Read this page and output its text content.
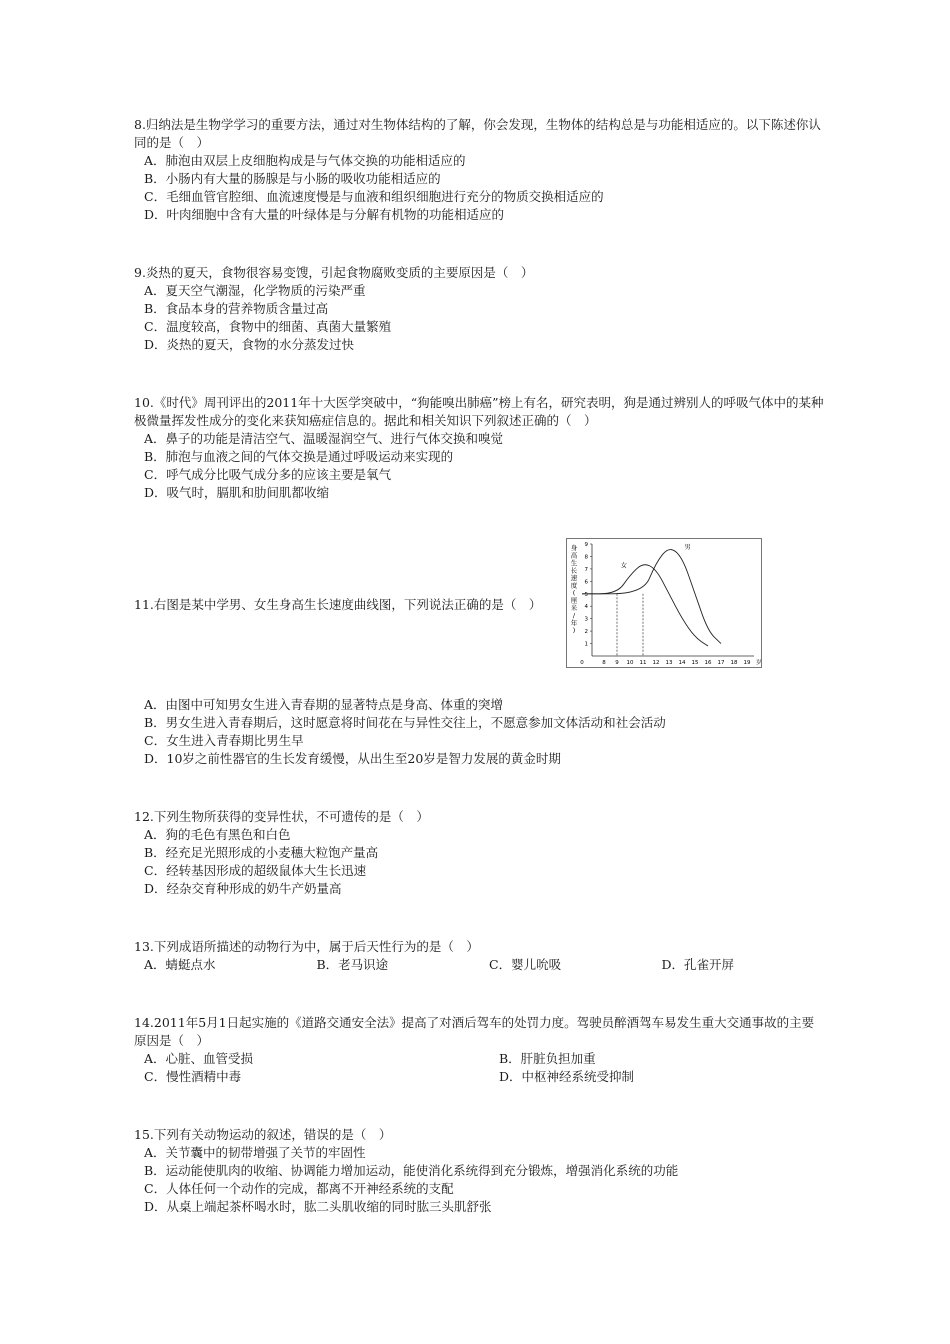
8.归纳法是生物学学习的重要方法，通过对生物体结构的了解，你会发现，生物体的结构总是与功能相适应的。以下陈述你认同的是（　）

A．肺泡由双层上皮细胞构成是与气体交换的功能相适应的

B．小肠内有大量的肠腺是与小肠的吸收功能相适应的

C．毛细血管官腔细、血流速度慢是与血液和组织细胞进行充分的物质交换相适应的

D．叶肉细胞中含有大量的叶绿体是与分解有机物的功能相适应的

9.炎热的夏天，食物很容易变馊，引起食物腐败变质的主要原因是（　）

A．夏天空气潮湿，化学物质的污染严重

B．食品本身的营养物质含量过高

C．温度较高，食物中的细菌、真菌大量繁殖

D．炎热的夏天，食物的水分蒸发过快

10.《时代》周刊评出的2011年十大医学突破中，“狗能嗅出肺癌”榜上有名，研究表明，狗是通过辨别人的呼吸气体中的某种极微量挥发性成分的变化来获知癌症信息的。据此和相关知识下列叙述正确的（　）

A．鼻子的功能是清洁空气、温暖湿润空气、进行气体交换和嗅觉

B．肺泡与血液之间的气体交换是通过呼吸运动来实现的

C．呼气成分比吸气成分多的应该主要是氧气

D．吸气时，膈肌和肋间肌都收缩

11.右图是某中学男、女生身高生长速度曲线图，下列说法正确的是（　）

身
高
生
长
速
度
(
厘
米
/
年
)
1
2
3
4
5
6
7
8
9
0	8 9 10 11 12 13 14 15 16 17 18 19 岁
女
男

A．由图中可知男女生进入青春期的显著特点是身高、体重的突增

B．男女生进入青春期后，这时愿意将时间花在与异性交往上，不愿意参加文体活动和社会活动

C．女生进入青春期比男生早

D．10岁之前性器官的生长发育缓慢，从出生至20岁是智力发展的黄金时期

12.下列生物所获得的变异性状，不可遗传的是（　）

A．狗的毛色有黑色和白色

B．经充足光照形成的小麦穗大粒饱产量高

C．经转基因形成的超级鼠体大生长迅速

D．经杂交育种形成的奶牛产奶量高

13.下列成语所描述的动物行为中，属于后天性行为的是（　）

A．蜻蜓点水	B．老马识途	C．婴儿吮吸	D．孔雀开屏

14.2011年5月1日起实施的《道路交通安全法》提高了对酒后驾车的处罚力度。驾驶员醉酒驾车易发生重大交通事故的主要原因是（　）

A．心脏、血管受损	B．肝脏负担加重
C．慢性酒精中毒	D．中枢神经系统受抑制

15.下列有关动物运动的叙述，错误的是（　）

A．关节囊中的韧带增强了关节的牢固性

B．运动能使肌肉的收缩、协调能力增加运动，能使消化系统得到充分锻炼，增强消化系统的功能

C．人体任何一个动作的完成，都离不开神经系统的支配

D．从桌上端起茶杯喝水时，肱二头肌收缩的同时肱三头肌舒张
